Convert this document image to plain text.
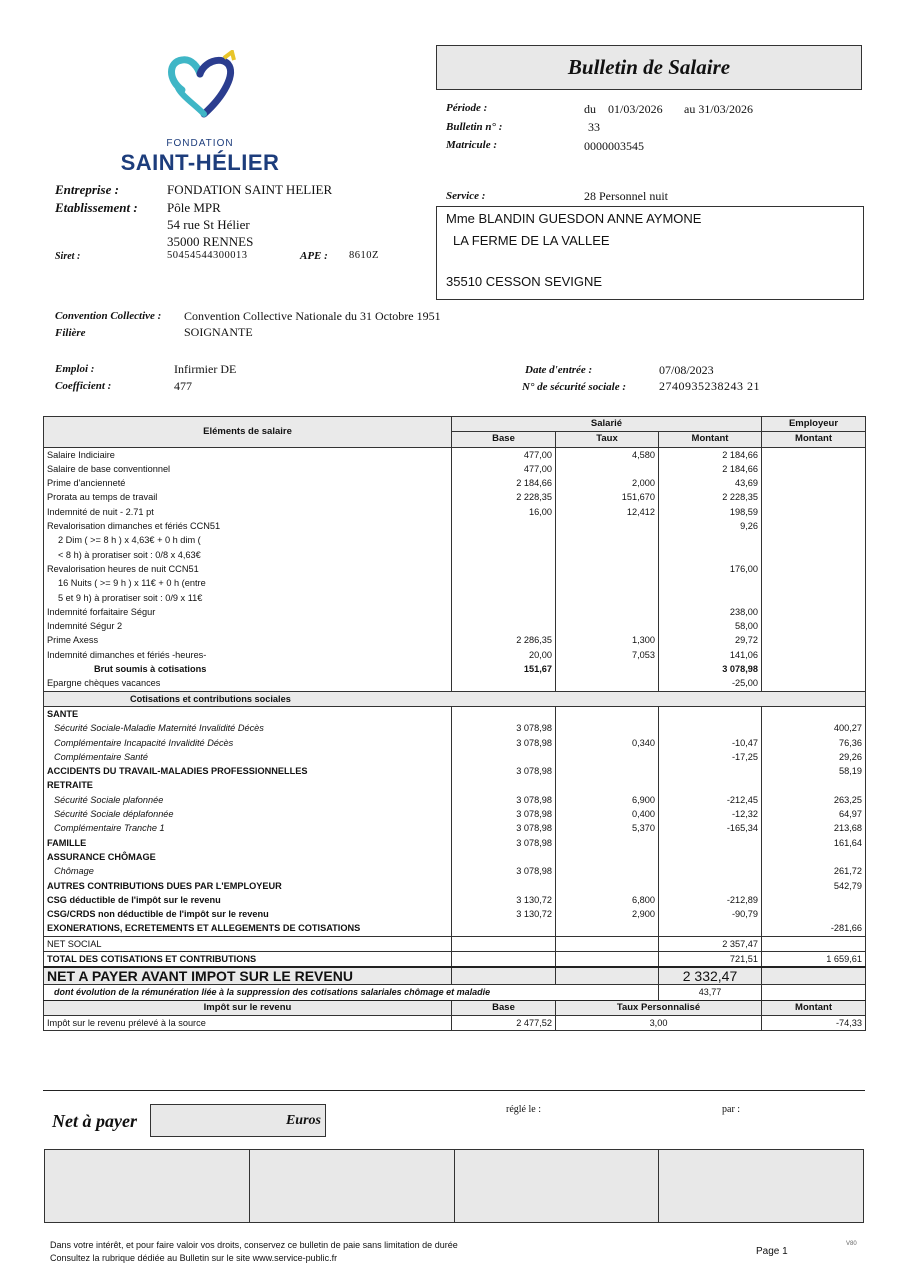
FONDATION
SAINT-HÉLIER
Bulletin de Salaire
Période :	du 01/03/2026 au 31/03/2026
Bulletin n° :	33
Matricule :	0000003545
Service :	28 Personnel nuit
Mme BLANDIN GUESDON ANNE AYMONE
LA FERME DE LA VALLEE
35510 CESSON SEVIGNE
Entreprise :	FONDATION SAINT HELIER
Etablissement : Pôle MPR
54 rue St Hélier
35000 RENNES
Siret :	50454544300013	APE : 8610Z
Convention Collective : Convention Collective Nationale du 31 Octobre 1951
Filière	SOIGNANTE
Emploi :	Infirmier DE
Coefficient :	477
Date d'entrée :	07/08/2023
N° de sécurité sociale :	2740935238243 21
Eléments de salaire	Salarié			Employeur
	Base	Taux	Montant	Montant
Salaire Indiciaire	477,00	4,580	2 184,66	
Salaire de base conventionnel	477,00		2 184,66	
Prime d'ancienneté	2 184,66	2,000	43,69	
Prorata au temps de travail	2 228,35	151,670	2 228,35	
Indemnité de nuit - 2.71 pt	16,00	12,412	198,59	
Revalorisation dimanches et fériés CCN51			9,26	
2 Dim ( >= 8 h ) x 4,63€ + 0 h dim (				
< 8 h) à proratiser soit : 0/8 x 4,63€				
Revalorisation heures de nuit CCN51			176,00	
16 Nuits ( >= 9 h ) x 11€ + 0 h (entre				
5 et 9 h) à proratiser soit : 0/9 x 11€				
Indemnité forfaitaire Ségur			238,00	
Indemnité Ségur 2			58,00	
Prime Axess	2 286,35	1,300	29,72	
Indemnité dimanches et fériés -heures-	20,00	7,053	141,06	
Brut soumis à cotisations	151,67		3 078,98	
Epargne chèques vacances			-25,00	
Cotisations et contributions sociales				
SANTE				
Sécurité Sociale-Maladie Maternité Invalidité Décès	3 078,98			400,27
Complémentaire Incapacité Invalidité Décès	3 078,98	0,340	-10,47	76,36
Complémentaire Santé			-17,25	29,26
ACCIDENTS DU TRAVAIL-MALADIES PROFESSIONNELLES	3 078,98			58,19
RETRAITE				
Sécurité Sociale plafonnée	3 078,98	6,900	-212,45	263,25
Sécurité Sociale déplafonnée	3 078,98	0,400	-12,32	64,97
Complémentaire Tranche 1	3 078,98	5,370	-165,34	213,68
FAMILLE	3 078,98			161,64
ASSURANCE CHÔMAGE				
Chômage	3 078,98			261,72
AUTRES CONTRIBUTIONS DUES PAR L'EMPLOYEUR				542,79
CSG déductible de l'impôt sur le revenu	3 130,72	6,800	-212,89	
CSG/CRDS non déductible de l'impôt sur le revenu	3 130,72	2,900	-90,79	
EXONERATIONS, ECRETEMENTS ET ALLEGEMENTS DE COTISATIONS				-281,66
NET SOCIAL			2 357,47	
TOTAL DES COTISATIONS ET CONTRIBUTIONS			721,51	1 659,61
NET A PAYER AVANT IMPOT SUR LE REVENU			2 332,47	
dont évolution de la rémunération liée à la suppression des cotisations salariales chômage et maladie			43,77	
Impôt sur le revenu	Base	Taux Personnalisé		Montant
Impôt sur le revenu prélevé à la source	2 477,52	3,00		-74,33
Net à payer	Euros
réglé le :	par :
Dans votre intérêt, et pour faire valoir vos droits, conservez ce bulletin de paie sans limitation de durée
Consultez la rubrique dédiée au Bulletin sur le site www.service-public.fr
Page 1
V80
